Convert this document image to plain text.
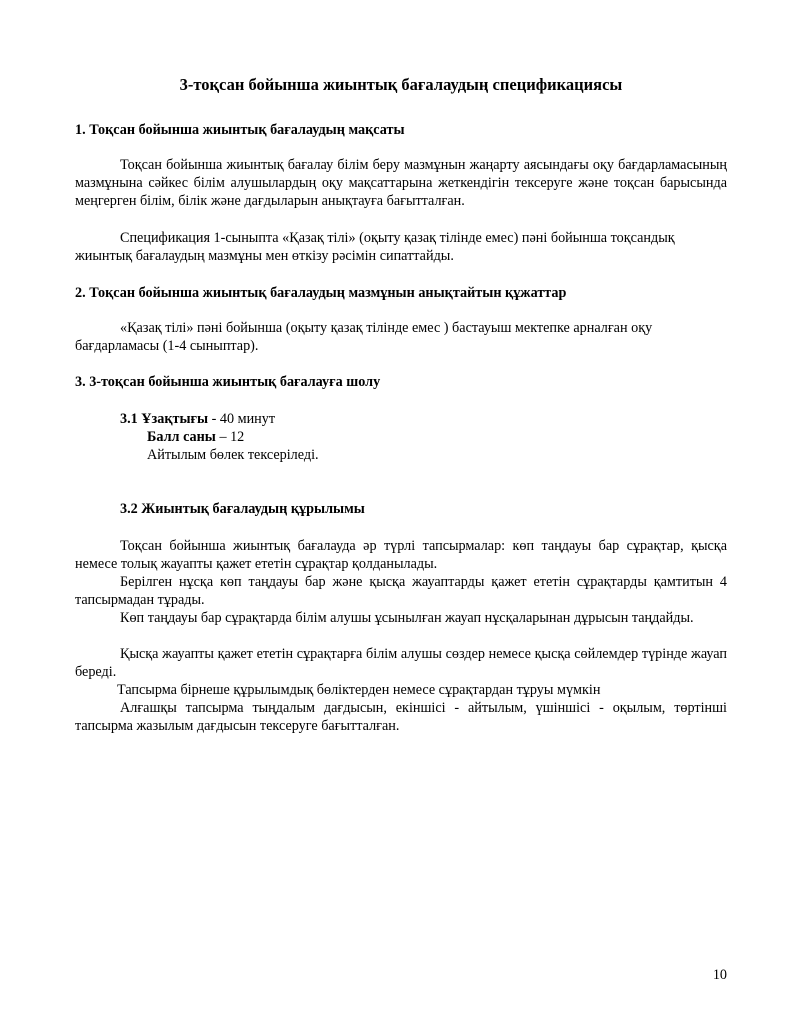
3-тоқсан бойынша жиынтық бағалаудың спецификациясы
1. Тоқсан бойынша жиынтық бағалаудың мақсаты

Тоқсан бойынша жиынтық бағалау білім беру мазмұнын жаңарту аясындағы оқу бағдарламасының мазмұнына сәйкес білім алушылардың оқу мақсаттарына жеткендігін тексеруге және тоқсан барысында меңгерген білім, білік және дағдыларын анықтауға бағытталған.

Спецификация 1-сыныпта «Қазақ тілі» (оқыту қазақ тілінде емес) пәні бойынша тоқсандық жиынтық бағалаудың мазмұны мен өткізу рәсімін сипаттайды.

2. Тоқсан бойынша жиынтық бағалаудың мазмұнын анықтайтын құжаттар

«Қазақ тілі» пәні бойынша (оқыту қазақ тілінде емес ) бастауыш мектепке арналған оқу бағдарламасы (1-4 сыныптар).

3. 3-тоқсан бойынша жиынтық бағалауға шолу
3.1 Ұзақтығы - 40 минут
Балл саны – 12
Айтылым бөлек тексеріледі.
3.2 Жиынтық бағалаудың құрылымы

Тоқсан бойынша жиынтық бағалауда әр түрлі тапсырмалар: көп таңдауы бар сұрақтар, қысқа немесе толық жауапты қажет ететін сұрақтар қолданылады.

Берілген нұсқа көп таңдауы бар және қысқа жауаптарды қажет ететін сұрақтарды қамтитын 4 тапсырмадан тұрады.

Көп таңдауы бар сұрақтарда білім алушы ұсынылған жауап нұсқаларынан дұрысын таңдайды.

Қысқа жауапты қажет ететін сұрақтарға білім алушы сөздер немесе қысқа сөйлемдер түрінде жауап береді.

Тапсырма бірнеше құрылымдық бөліктерден немесе сұрақтардан тұруы мүмкін

Алғашқы тапсырма тыңдалым дағдысын, екіншісі - айтылым, үшіншісі - оқылым, төртінші тапсырма жазылым дағдысын тексеруге бағытталған.

10
